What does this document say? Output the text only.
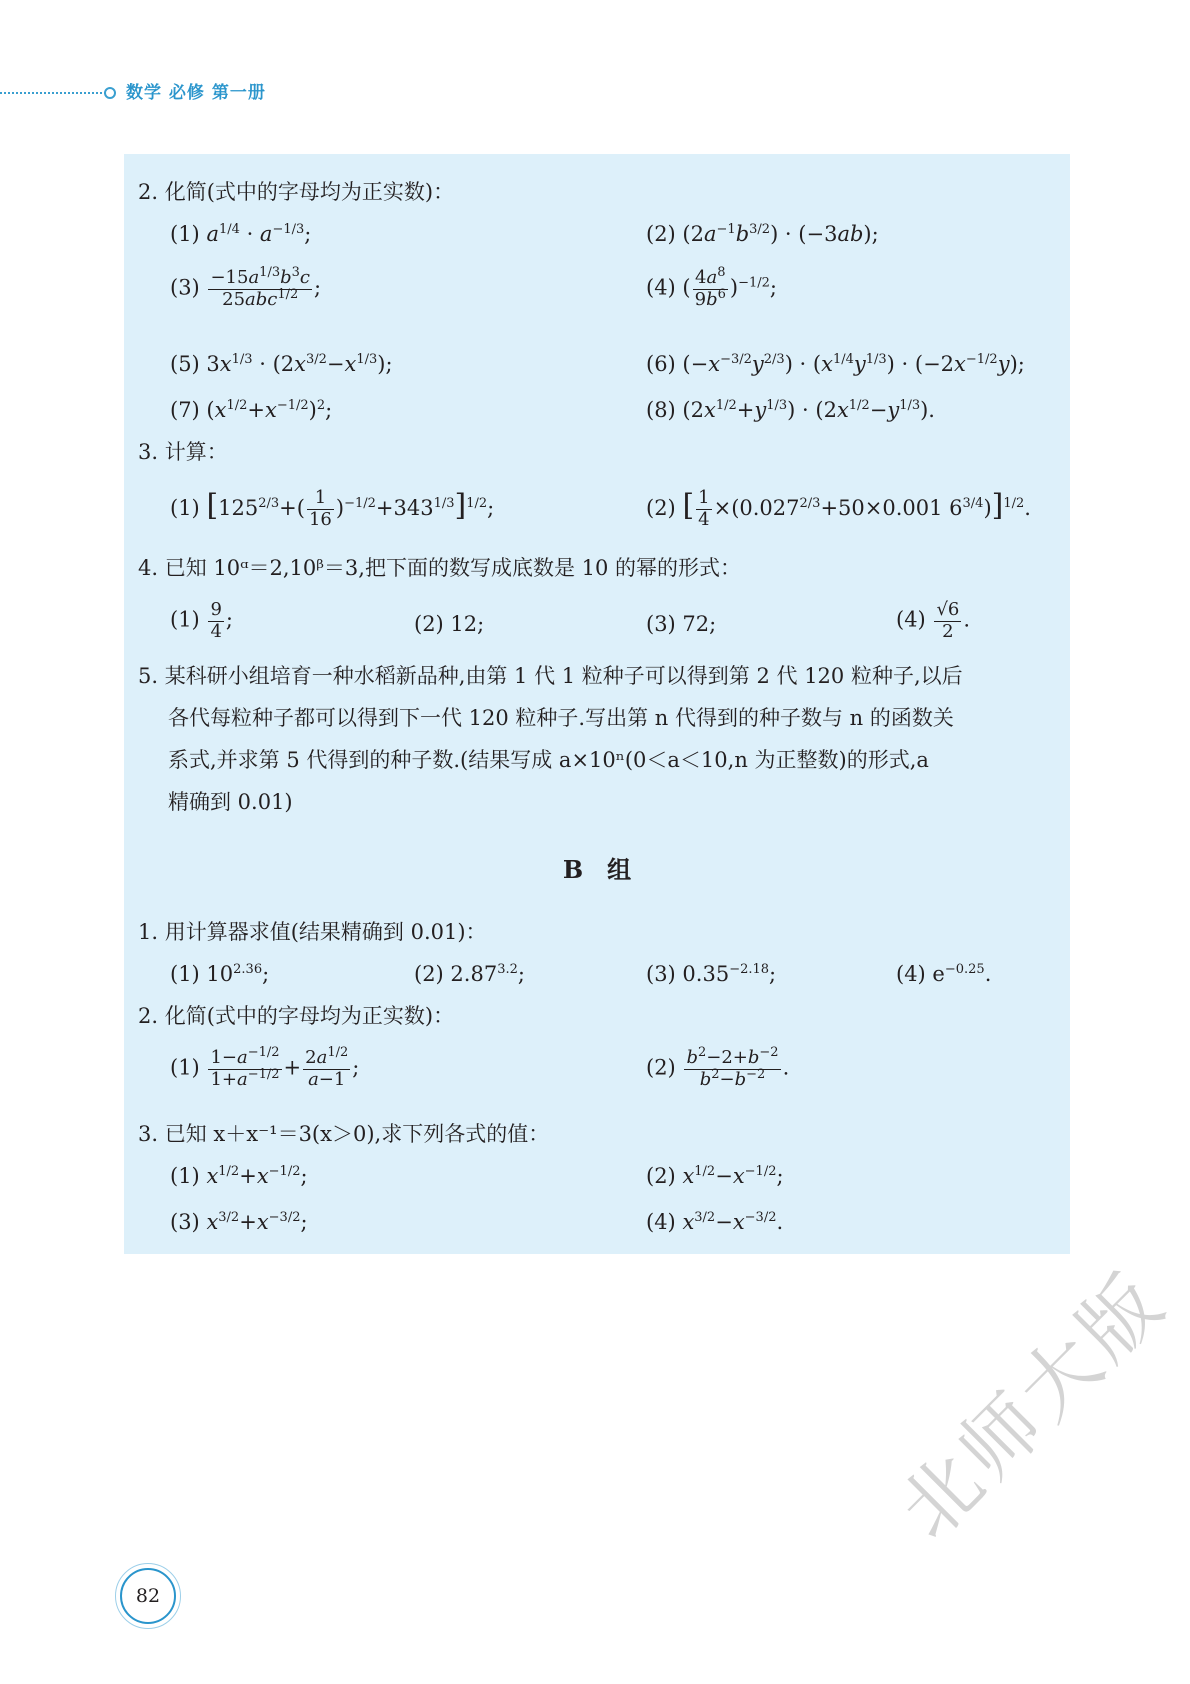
数学 必修 第一册
2. 化简(式中的字母均为正实数)：
(1) $a^{1/4} \cdot a^{-1/3}$;	(2) $(2a^{-1}b^{3/2}) \cdot (-3ab)$;
$(3) -15a^{1/3}b^3c$
25abc$^{1/2}$ ;	(4) ( $\frac{4a^8}{9b^6} )^{-1/2}$;
(5) $3x^{1/3} \cdot (2x^{3/2}-x^{1/3})$;	(6) $(-x^{-3/2}y^{2/3}) \cdot (x^{1/4}y^{1/3}) \cdot (-2x^{-1/2}y)$;
(7) $(x^{1/2}+x^{-1/2})^2$;	(8) $(2x^{1/2}+y^{1/3}) \cdot (2x^{1/2}-y^{1/3})$.
3. 计算：
(1) $[125^{2/3}+( \frac{1}{16} )^{-1/2}+343^{1/3}]^{1/2}$;	(2) [ $\frac{1}{4} \times(0.027^{2/3}+50\times 0.001$ $6^{3/4})]^{1/2}$.
4. 已知 10ᵅ＝2,10ᵝ＝3,把下面的数写成底数是 10 的幂的形式：
$(1) \frac{9}{4}$ ;	(2) 12;	(3) 72;	$(4) \frac{√6}{2}$ .
5. 某科研小组培育一种水稻新品种,由第 1 代 1 粒种子可以得到第 2 代 120 粒种子,以后
各代每粒种子都可以得到下一代 120 粒种子.写出第 n 代得到的种子数与 n 的函数关
系式,并求第 5 代得到的种子数.(结果写成 a×10ⁿ(0＜a＜10,n 为正整数)的形式,a
精确到 0.01)
B　组
1. 用计算器求值(结果精确到 0.01)：
(1) $10^{2.36}$;	(2) $2.87^{3.2}$;	(3) $0.35^{-2.18}$;	(4) $e^{-0.25}$.
2. 化简(式中的字母均为正实数)：
$(1) \frac{1-a^{-1/2}}{1+a^{-1/2}} + \frac{2a^{1/2}}{a-1}$ ;	$(2) \frac{b^2-2+b^{-2}}{b^2-b^{-2}}$ .
3. 已知 x＋x⁻¹＝3(x＞0),求下列各式的值：
(1) $x^{1/2}+x^{-1/2}$;	(2) $x^{1/2}-x^{-1/2}$;
(3) $x^{3/2}+x^{-3/2}$;	(4) $x^{3/2}-x^{-3/2}$.
82
北师大版
